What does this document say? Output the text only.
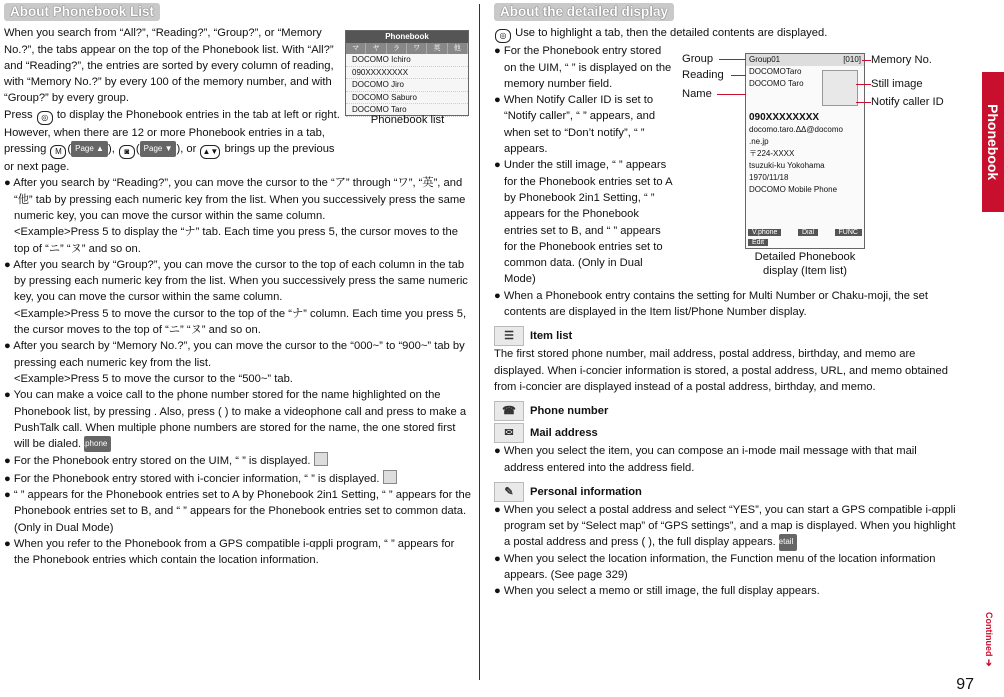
About Phonebook List

When you search from “All?”, “Reading?”, “Group?”, or “Memory No.?”, the tabs appear on the top of the Phonebook list. With “All?” and “Reading?”, the entries are sorted by every column of reading, with “Memory No.?” by every 100 of the memory number, and with “Group?” by every group.

Press ◎ to display the Phonebook entries in the tab at left or right. However, when there are 12 or more Phonebook entries in a tab, pressing M ( Page ▲ ), ◙ ( Page ▼ ), or ▲▼ brings up the previous or next page.

● After you search by “Reading?”, you can move the cursor to the “ア” through “ワ”, “英”, and “他” tab by pressing each numeric key from the list. When you successively press the same numeric key, you can move the cursor within the same column.

<Example>Press 5 to display the “ナ” tab. Each time you press 5, the cursor moves to the top of “ニ” “ヌ” and so on.

● After you search by “Group?”, you can move the cursor to the top of each column in the tab by pressing each numeric key from the list. When you successively press the same numeric key, you can move the cursor within the same column.

<Example>Press 5 to move the cursor to the top of the “ナ” column. Each time you press 5, the cursor moves to the top of “ニ” “ヌ” and so on.

● After you search by “Memory No.?”, you can move the cursor to the “000~” to “900~” tab by pressing each numeric key from the list.

<Example>Press 5 to move the cursor to the “500~” tab.

● You can make a voice call to the phone number stored for the name highlighted on the Phonebook list, by pressing . Also, press ( ) to make a videophone call and press to make a PushTalk call. When multiple phone numbers are stored for the name, the one stored first will be dialed. V.phone

● For the Phonebook entry stored on the UIM, “ ” is displayed.

● For the Phonebook entry stored with i-concier information, “ ” is displayed.

● “ ” appears for the Phonebook entries set to A by Phonebook 2in1 Setting, “ ” appears for the Phonebook entries set to B, and “ ” appears for the Phonebook entries set to common data. (Only in Dual Mode)

● When you refer to the Phonebook from a GPS compatible i-αppli program, “ ” appears for the Phonebook entries which contain the location information.

Phonebook
マ	ヤ	ラ	ワ	英	他
DOCOMO Ichiro
090XXXXXXXX
DOCOMO Jiro
DOCOMO Saburo
DOCOMO Taro
Phonebook list
About the detailed display

◎ Use to highlight a tab, then the detailed contents are displayed.

● For the Phonebook entry stored on the UIM, “ ” is displayed on the memory number field.

● When Notify Caller ID is set to “Notify caller”, “ ” appears, and when set to “Don’t notify”, “ ” appears.

● Under the still image, “ ” appears for the Phonebook entries set to A by Phonebook 2in1 Setting, “ ” appears for the Phonebook entries set to B, and “ ” appears for the Phonebook entries set to common data. (Only in Dual Mode)

● When a Phonebook entry contains the setting for Multi Number or Chaku-moji, the set contents are displayed in the Item list/Phone Number display.

☰	Item list

The first stored phone number, mail address, postal address, birthday, and memo are displayed. When i-concier information is stored, a postal address, URL, and memo obtained from i-concier are displayed instead of a postal address, birthday, and memo.

☎	Phone number
✉	Mail address

● When you select the item, you can compose an i-mode mail message with that mail address entered into the address field.

✎	Personal information

● When you select a postal address and select “YES”, you can start a GPS compatible i-αppli program set by “Select map” of “GPS settings”, and a map is displayed. When you highlight a postal address and press ( ), the full display appears. Detail

● When you select the location information, the Function menu of the location information appears. (See page 329)

● When you select a memo or still image, the full display appears.

Group01	[010]
DOCOMOTaro
DOCOMO Taro
090XXXXXXXX
docomo.taro.ΔΔ@docomo
.ne.jp
〒224-XXXX
tsuzuki-ku Yokohama
1970/11/18
DOCOMO Mobile Phone
V.phone	Dial	FUNC
Edit
Group
Reading
Name
Memory No.
Still image
Notify caller ID
Detailed Phonebook display (Item list)
Phonebook
Continued ➔
97
